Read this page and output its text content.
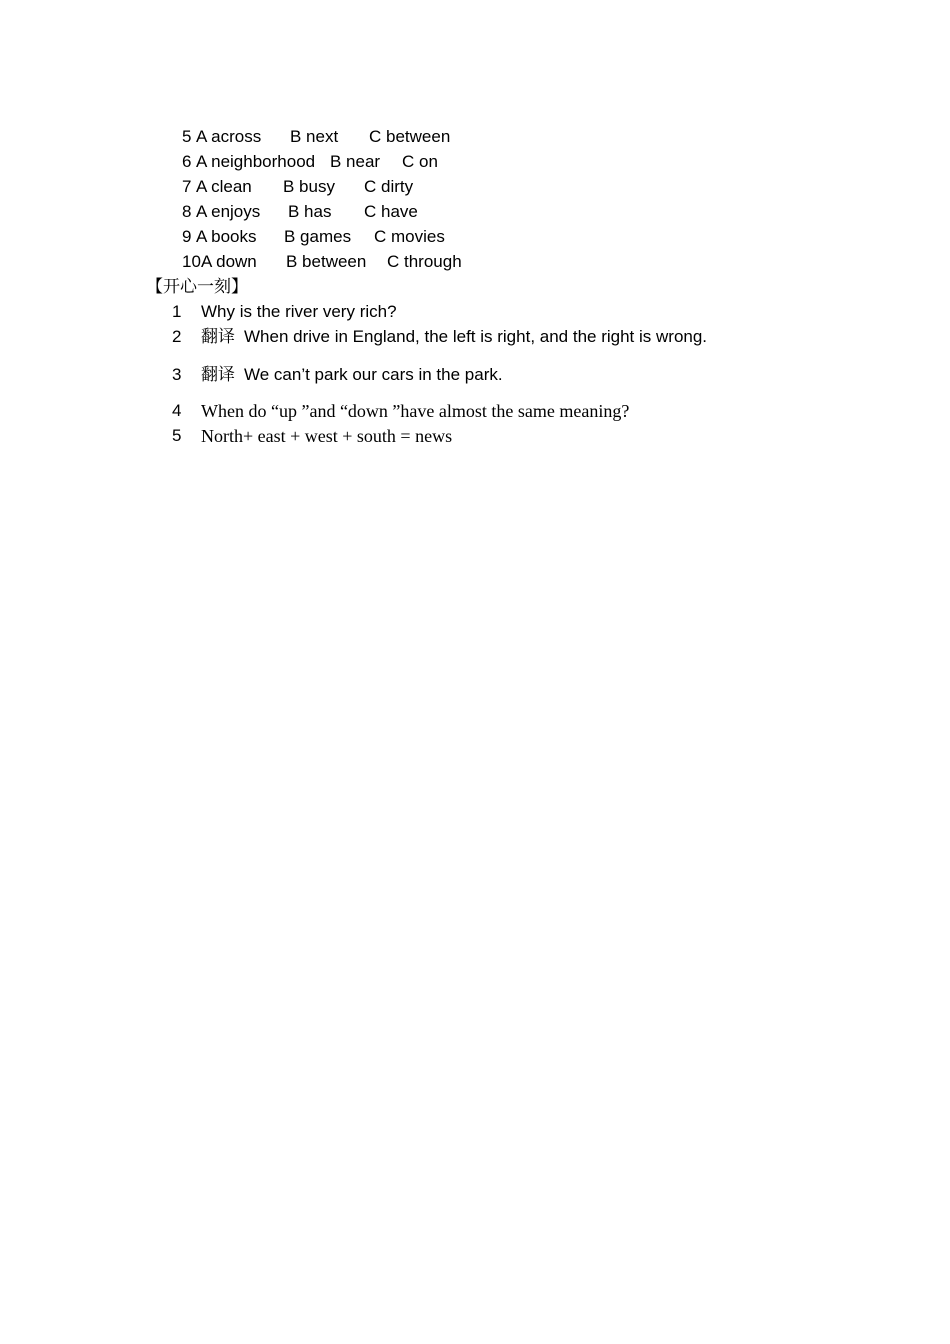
5 A across B next C between
6 A neighborhood B near C on
7 A clean B busy C dirty
8 A enjoys B has C have
9 A books B games C movies
10 A down B between C through
【开心一刻】
1 Why is the river very rich?
2 翻译 When drive in England, the left is right, and the right is wrong.
3 翻译 We can’t park our cars in the park.
4 When do “up ”and “down ”have almost the same meaning?
5 North+ east + west + south = news
